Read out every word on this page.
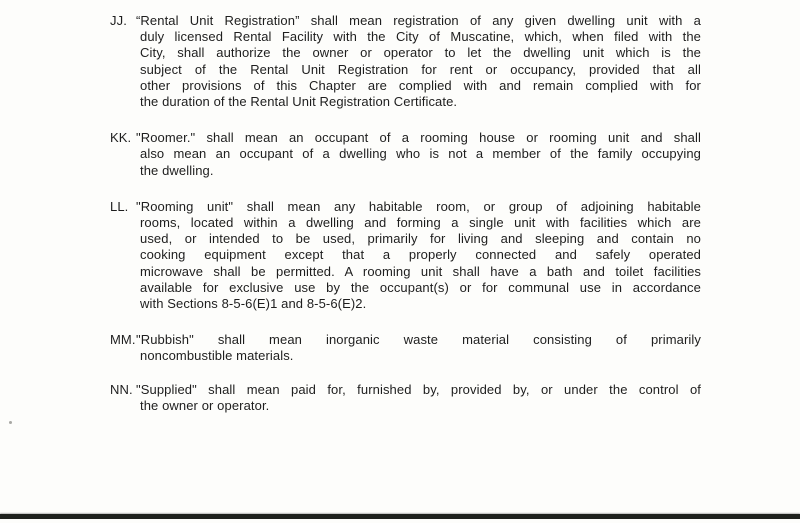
JJ. “Rental Unit Registration” shall mean registration of any given dwelling unit with a
duly licensed Rental Facility with the City of Muscatine, which, when filed with the
City, shall authorize the owner or operator to let the dwelling unit which is the
subject of the Rental Unit Registration for rent or occupancy, provided that all
other provisions of this Chapter are complied with and remain complied with for
the duration of the Rental Unit Registration Certificate.
KK. "Roomer." shall mean an occupant of a rooming house or rooming unit and shall
also mean an occupant of a dwelling who is not a member of the family occupying
the dwelling.
LL. "Rooming unit" shall mean any habitable room, or group of adjoining habitable
rooms, located within a dwelling and forming a single unit with facilities which are
used, or intended to be used, primarily for living and sleeping and contain no
cooking equipment except that a properly connected and safely operated
microwave shall be permitted. A rooming unit shall have a bath and toilet facilities
available for exclusive use by the occupant(s) or for communal use in accordance
with Sections 8-5-6(E)1 and 8-5-6(E)2.
MM."Rubbish" shall mean inorganic waste material consisting of primarily
noncombustible materials.
NN. "Supplied" shall mean paid for, furnished by, provided by, or under the control of
the owner or operator.
